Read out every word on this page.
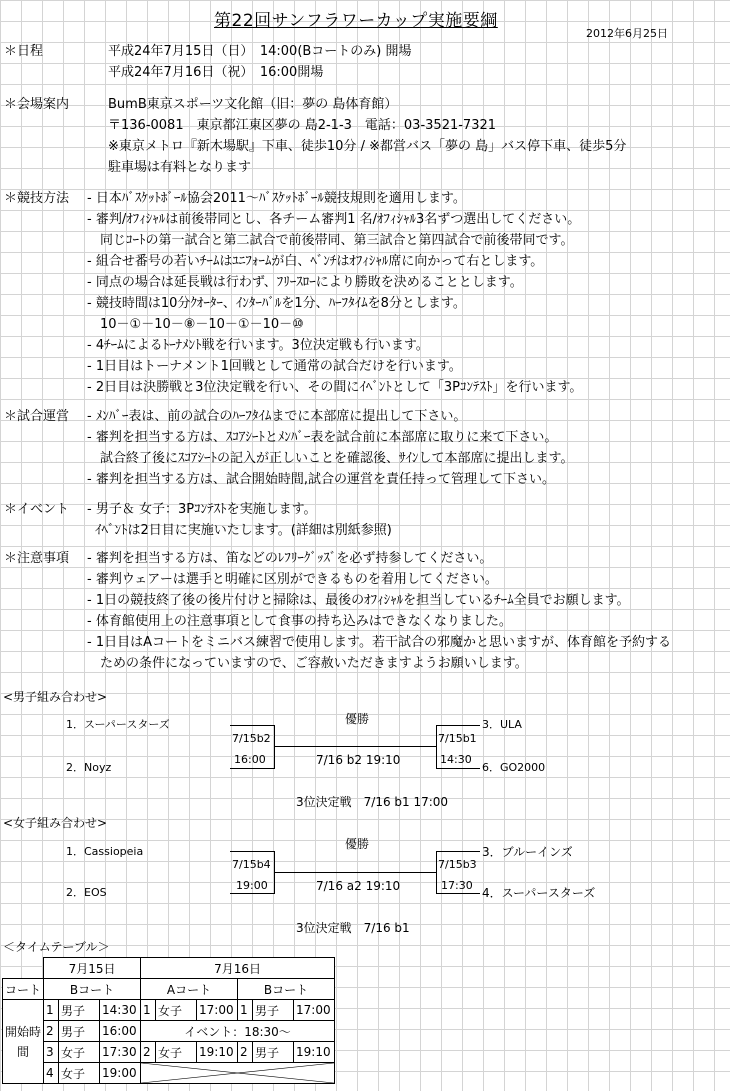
第22回サンフラワーカップ実施要綱
2012年6月25日
＊日程	平成24年7月15日（日）　14:00(Bコートのみ) 開場
平成24年7月16日（祝）　16:00開場
＊会場案内	BumB東京スポーツ文化館（旧：夢の 島体育館）
〒136-0081　東京都江東区夢の 島2-1-3　電話：03-3521-7321
※東京メトロ『新木場駅』下車、徒歩10分 / ※都営バス「夢の 島」バス停下車、徒歩5分
駐車場は有料となります
＊競技方法 - 日本ﾊﾞｽｹｯﾄﾎﾞｰﾙ協会2011～ﾊﾞｽｹｯﾄﾎﾞｰﾙ競技規則を適用します。
- 審判/ｵﾌｨｼｬﾙは前後帯同とし、各チーム審判1 名/ｵﾌｨｼｬﾙ3名ずつ選出してください。
　同じｺｰﾄの第一試合と第二試合で前後帯同、第三試合と第四試合で前後帯同です。
- 組合せ番号の若いﾁｰﾑはﾕﾆﾌｫｰﾑが白、ﾍﾞﾝﾁはｵﾌｨｼｬﾙ席に向かって右とします。
- 同点の場合は延長戦は行わず、ﾌﾘｰｽﾛｰにより勝敗を決めることとします。
- 競技時間は10分ｸｵｰﾀｰ、ｲﾝﾀｰﾊﾞﾙを1分、ﾊｰﾌﾀｲﾑを8分とします。
　10－①－10－⑧－10－①－10－⑩
- 4ﾁｰﾑによるﾄｰﾅﾒﾝﾄ戦を行います。3位決定戦も行います。
- 1日目はトーナメント1回戦として通常の試合だけを行います。
- 2日目は決勝戦と3位決定戦を行い、その間にｲﾍﾞﾝﾄとして「3Pｺﾝﾃｽﾄ」を行います。
＊試合運営 - ﾒﾝﾊﾞｰ表は、前の試合のﾊｰﾌﾀｲﾑまでに本部席に提出して下さい。
- 審判を担当する方は、ｽｺｱｼｰﾄとﾒﾝﾊﾞｰ表を試合前に本部席に取りに来て下さい。
　試合終了後にｽｺｱｼｰﾄの記入が正しいことを確認後、ｻｲﾝして本部席に提出します。
- 審判を担当する方は、試合開始時間,試合の運営を責任持って管理して下さい。
＊イベント - 男子＆ 女子：3Pｺﾝﾃｽﾄを実施します。
ｲﾍﾞﾝﾄは2日目に実施いたします。(詳細は別紙参照)
＊注意事項 - 審判を担当する方は、笛などのﾚﾌﾘｰｸﾞｯｽﾞを必ず持参してください。
- 審判ウェアーは選手と明確に区別ができるものを着用してください。
- 1日の競技終了後の後片付けと掃除は、最後のｵﾌｨｼｬﾙを担当しているﾁｰﾑ全員でお願します。
- 体育館使用上の注意事項として食事の持ち込みはできなくなりました。
- 1日目はAコートをミニバス練習で使用します。若干試合の邪魔かと思いますが、体育館を予約する
　ための条件になっていますので、ご容赦いただきますようお願いします。
<男子組み合わせ>
1．スーパースターズ
2．Noyz
3．ULA
6．GO2000
優勝
7/15b2
16:00
7/15b1
14:30
7/16 b2 19:10
3位決定戦　7/16 b1 17:00
<女子組み合わせ>
1．Cassiopeia
2．EOS
3．ブルーインズ
4．スーパースターズ
優勝
7/15b4
19:00
7/15b3
17:30
7/16 a2 19:10
3位決定戦　7/16 b1
＜タイムテーブル＞
	7月15日			7月16日					
コート	Bコート			Aコート			Bコート		
開始時間	1	男子	14:30	1	女子	17:00	1	男子	17:00
	2	男子	16:00	イベント：18:30～					
	3	女子	17:30	2	女子	19:10	2	男子	19:10
	4	女子	19:00	
